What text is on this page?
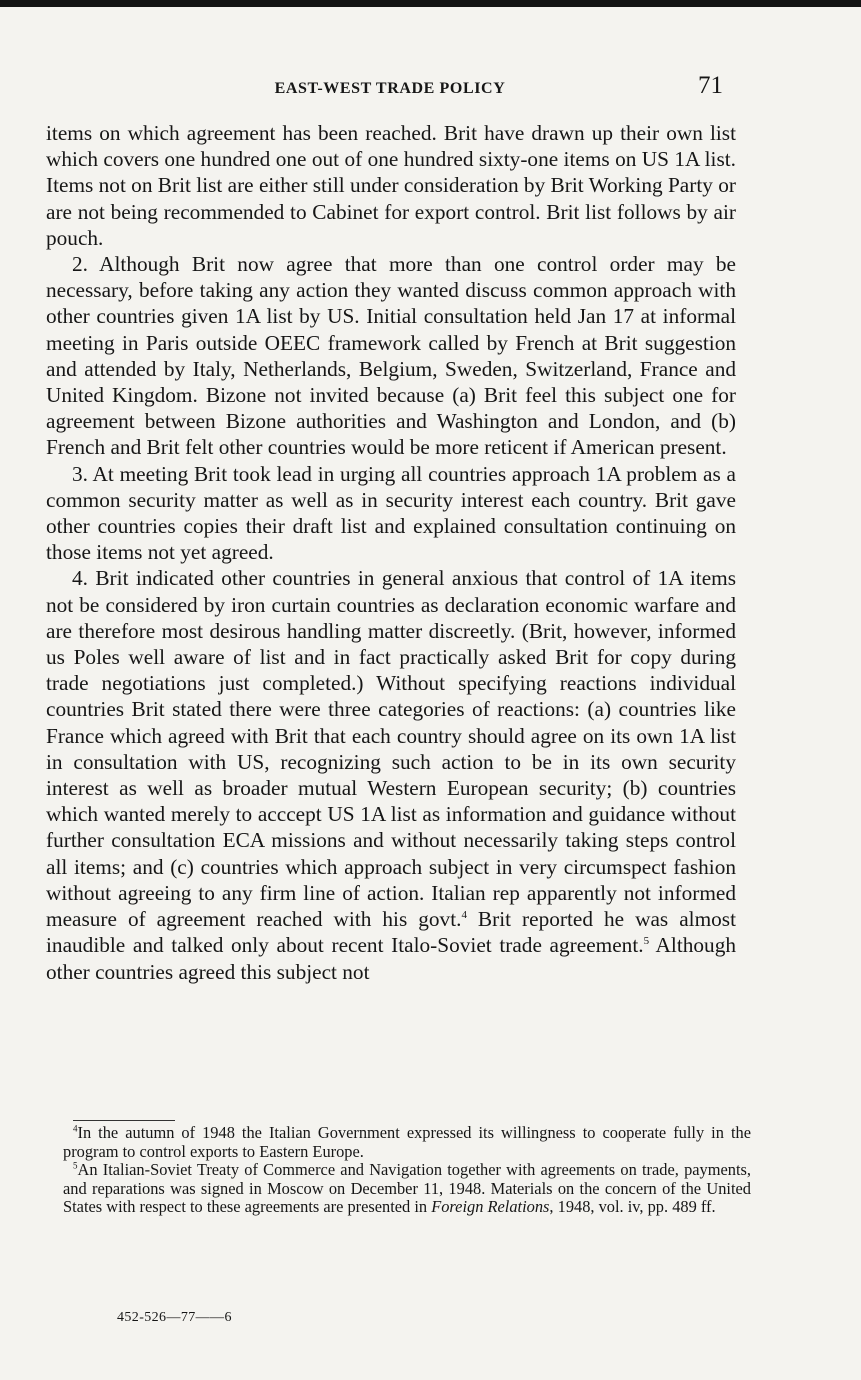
EAST-WEST TRADE POLICY	71

items on which agreement has been reached. Brit have drawn up their own list which covers one hundred one out of one hundred sixty-one items on US 1A list. Items not on Brit list are either still under consideration by Brit Working Party or are not being recommended to Cabinet for export control. Brit list follows by air pouch.

2. Although Brit now agree that more than one control order may be necessary, before taking any action they wanted discuss common approach with other countries given 1A list by US. Initial consultation held Jan 17 at informal meeting in Paris outside OEEC framework called by French at Brit suggestion and attended by Italy, Netherlands, Belgium, Sweden, Switzerland, France and United Kingdom. Bizone not invited because (a) Brit feel this subject one for agreement between Bizone authorities and Washington and London, and (b) French and Brit felt other countries would be more reticent if American present.

3. At meeting Brit took lead in urging all countries approach 1A problem as a common security matter as well as in security interest each country. Brit gave other countries copies their draft list and explained consultation continuing on those items not yet agreed.

4. Brit indicated other countries in general anxious that control of 1A items not be considered by iron curtain countries as declaration economic warfare and are therefore most desirous handling matter discreetly. (Brit, however, informed us Poles well aware of list and in fact practically asked Brit for copy during trade negotiations just completed.) Without specifying reactions individual countries Brit stated there were three categories of reactions: (a) countries like France which agreed with Brit that each country should agree on its own 1A list in consultation with US, recognizing such action to be in its own security interest as well as broader mutual Western European security; (b) countries which wanted merely to acccept US 1A list as information and guidance without further consultation ECA missions and without necessarily taking steps control all items; and (c) countries which approach subject in very circumspect fashion without agreeing to any firm line of action. Italian rep apparently not informed measure of agreement reached with his govt.$^4$ Brit reported he was almost inaudible and talked only about recent Italo-Soviet trade agreement.$^5$ Although other countries agreed this subject not

$^4$In the autumn of 1948 the Italian Government expressed its willingness to cooperate fully in the program to control exports to Eastern Europe.

$^5$An Italian-Soviet Treaty of Commerce and Navigation together with agreements on trade, payments, and reparations was signed in Moscow on December 11, 1948. Materials on the concern of the United States with respect to these agreements are presented in Foreign Relations, 1948, vol. iv, pp. 489 ff.

452-526—77——6
